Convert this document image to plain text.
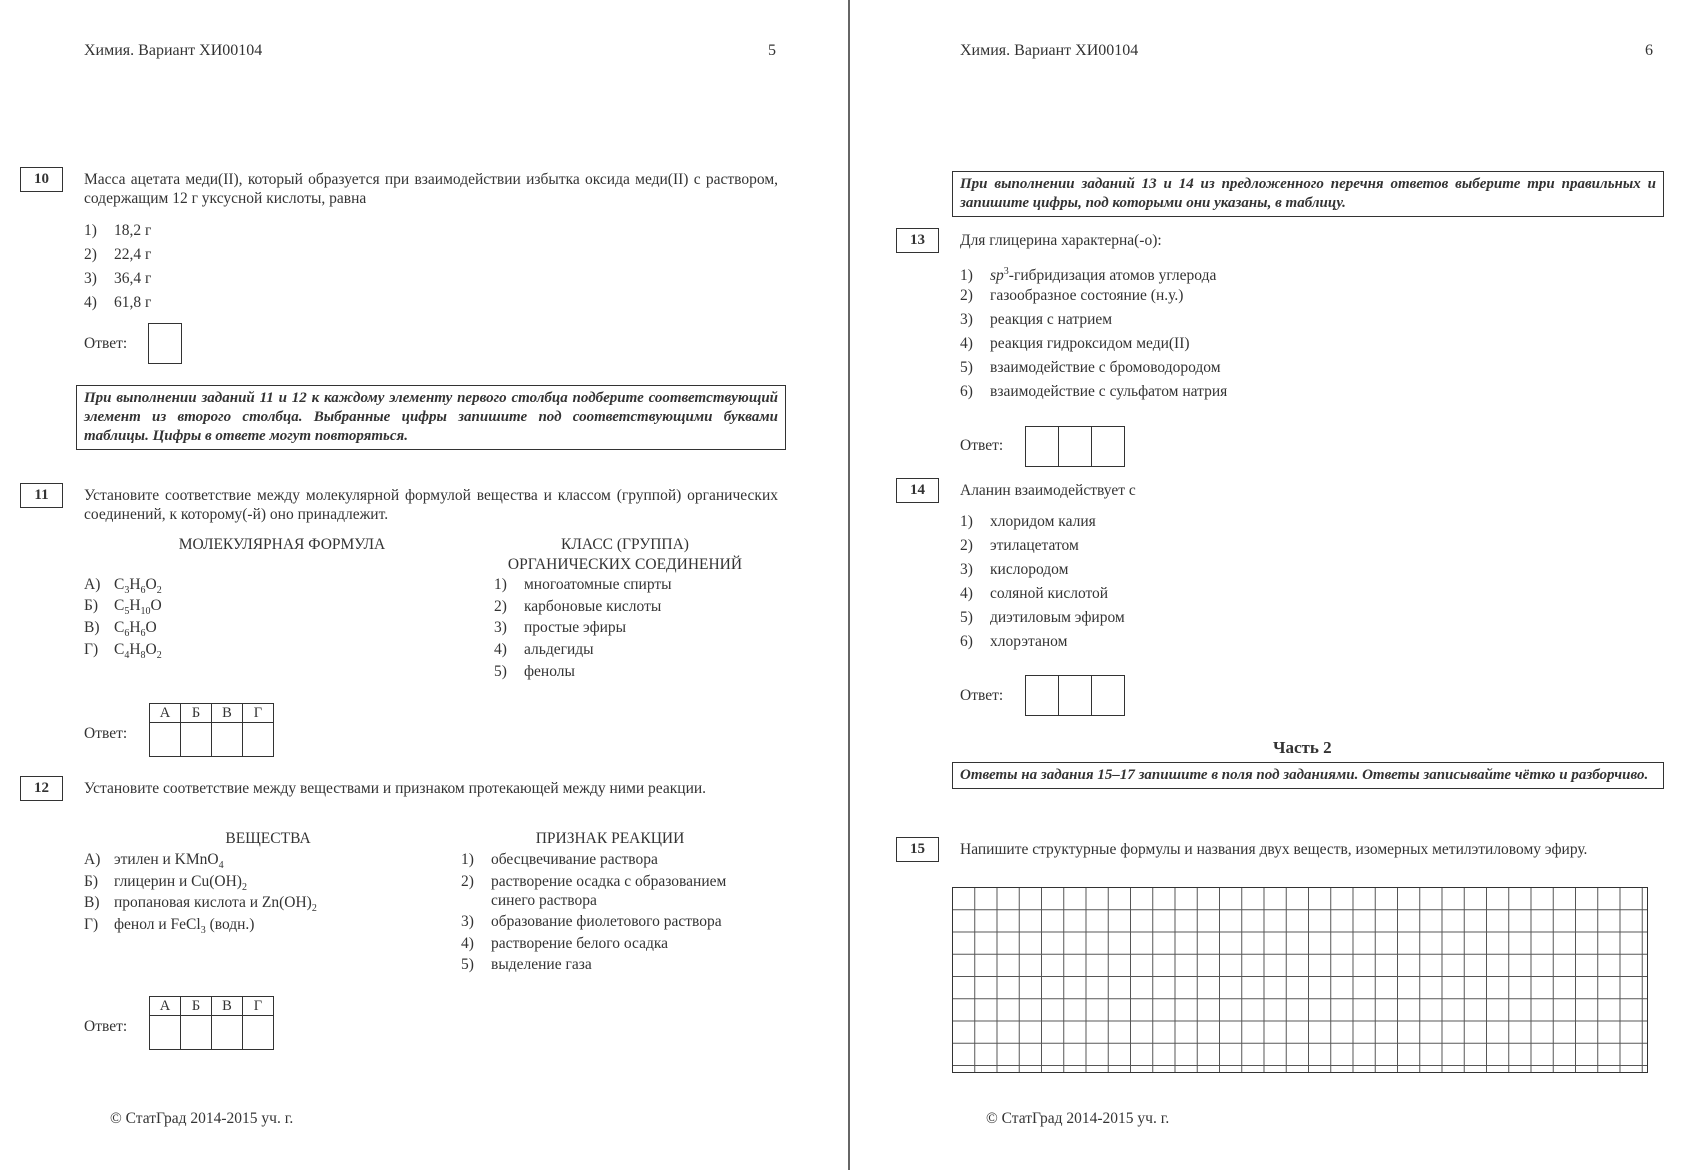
Химия. Вариант ХИ00104	5
10	Масса ацетата меди(II), который образуется при взаимодействии избытка оксида меди(II) с раствором, содержащим 12 г уксусной кислоты, равна
1) 18,2 г
2) 22,4 г
3) 36,4 г
4) 61,8 г
Ответ:
При выполнении заданий 11 и 12 к каждому элементу первого столбца подберите соответствующий элемент из второго столбца. Выбранные цифры запишите под соответствующими буквами таблицы. Цифры в ответе могут повторяться.
11	Установите соответствие между молекулярной формулой вещества и классом (группой) органических соединений, к которому(-й) оно принадлежит.
МОЛЕКУЛЯРНАЯ ФОРМУЛА	КЛАСС (ГРУППА)
ОРГАНИЧЕСКИХ СОЕДИНЕНИЙ
А) $C_3H_6O_2$
Б) $C_5H_{10}O$
В) $C_6H_6O$
Г) $C_4H_8O_2$
1) многоатомные спирты
2) карбоновые кислоты
3) простые эфиры
4) альдегиды
5) фенолы
Ответ:
А	Б	В	Г

12	Установите соответствие между веществами и признаком протекающей между ними реакции.
ВЕЩЕСТВА	ПРИЗНАК РЕАКЦИИ
А) этилен и KMnO$_4$
Б) глицерин и $Cu(OH)_2$
В) пропановая кислота и $Zn(OH)_2$
Г) фенол и FeCl$_3$ (водн.)
1) обесцвечивание раствора
2) растворение осадка с образованием
синего раствора
3) образование фиолетового раствора
4) растворение белого осадка
5) выделение газа
Ответ:
А	Б	В	Г

© СтатГрад 2014-2015 уч. г.
Химия. Вариант ХИ00104	6
При выполнении заданий 13 и 14 из предложенного перечня ответов выберите три правильных и запишите цифры, под которыми они указаны, в таблицу.
13	Для глицерина характерна(-о):
1) $sp^3$-гибридизация атомов углерода
2) газообразное состояние (н.у.)
3) реакция с натрием
4) реакция гидроксидом меди(II)
5) взаимодействие с бромоводородом
6) взаимодействие с сульфатом натрия
Ответ:

14	Аланин взаимодействует с
1) хлоридом калия
2) этилацетатом
3) кислородом
4) соляной кислотой
5) диэтиловым эфиром
6) хлорэтаном
Ответ:

Часть 2
Ответы на задания 15–17 запишите в поля под заданиями. Ответы записывайте чётко и разборчиво.
15	Напишите структурные формулы и названия двух веществ, изомерных метилэтиловому эфиру.
© СтатГрад 2014-2015 уч. г.
